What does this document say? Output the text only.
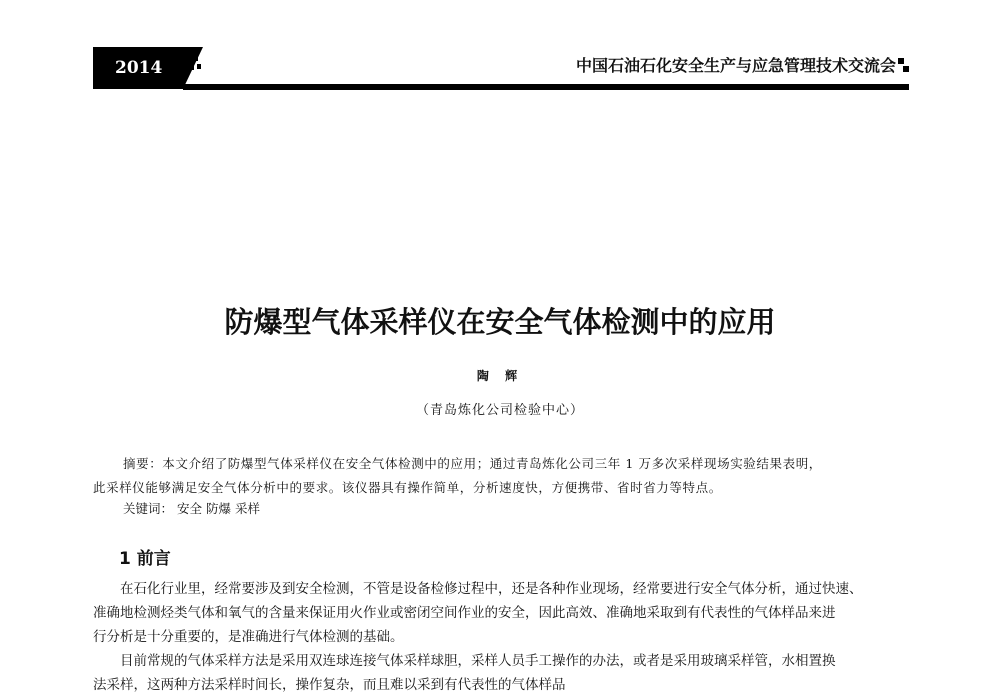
2014	中国石油石化安全生产与应急管理技术交流会
防爆型气体采样仪在安全气体检测中的应用
陶 辉
（青岛炼化公司检验中心）
摘要：本文介绍了防爆型气体采样仪在安全气体检测中的应用；通过青岛炼化公司三年 1 万多次采样现场实验结果表明，
此采样仪能够满足安全气体分析中的要求。该仪器具有操作简单，分析速度快，方便携带、省时省力等特点。
关键词： 安全 防爆 采样
1 前言

在石化行业里，经常要涉及到安全检测，不管是设备检修过程中，还是各种作业现场，经常要进行安全气体分析，通过快速、

准确地检测烃类气体和氧气的含量来保证用火作业或密闭空间作业的安全，因此高效、准确地采取到有代表性的气体样品来进
行分析是十分重要的，是准确进行气体检测的基础。

目前常规的气体采样方法是采用双连球连接气体采样球胆，采样人员手工操作的办法，或者是采用玻璃采样管，水相置换

法采样，这两种方法采样时间长，操作复杂，而且难以采到有代表性的气体样品
